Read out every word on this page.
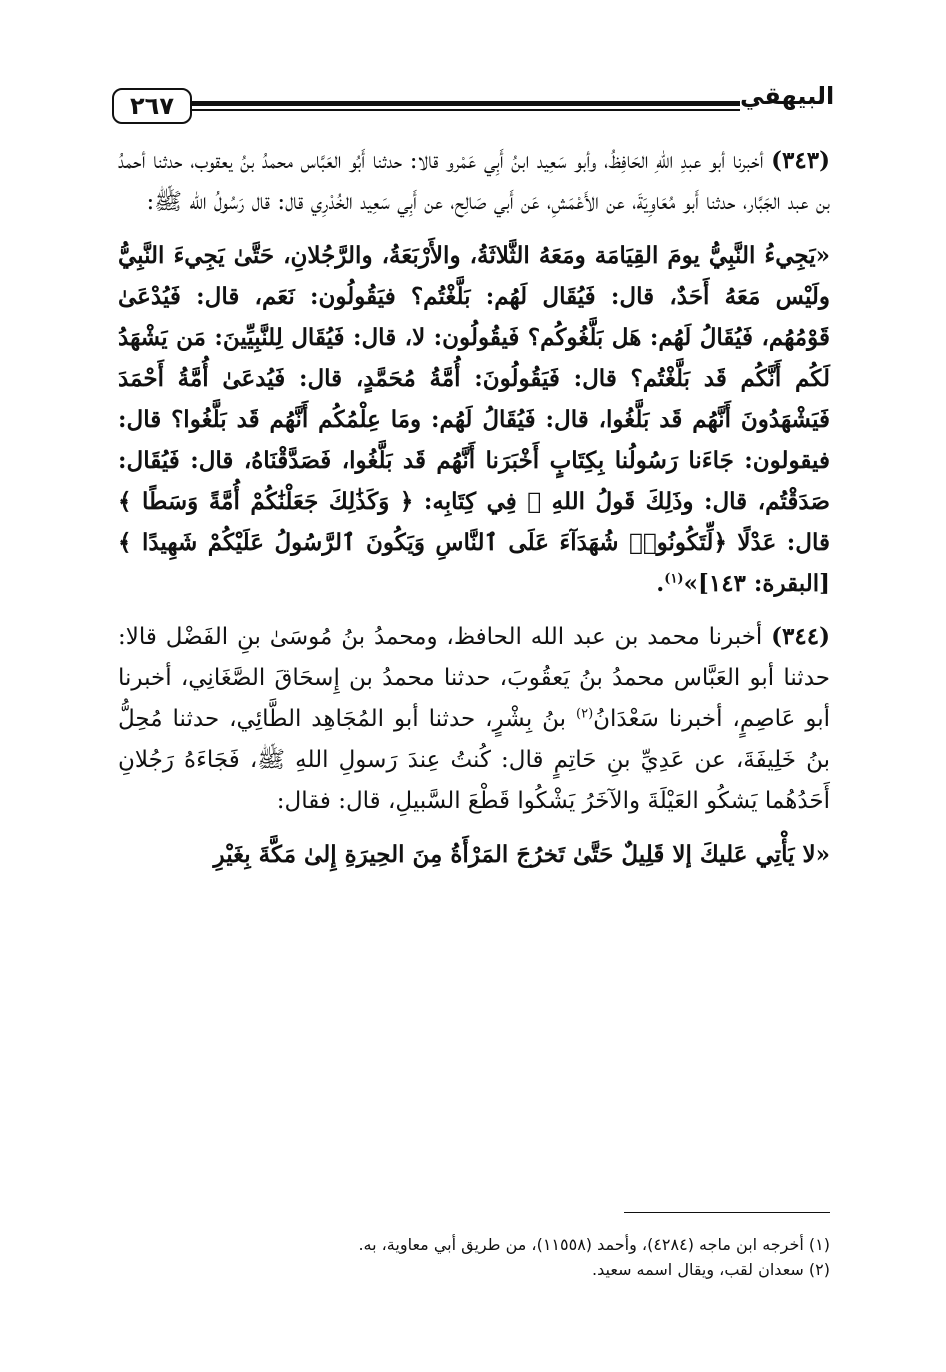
٢٦٧	البيهقي

(٣٤٣) أخبرنا أبو عبدِ اللهِ الحَافِظُ، وأبو سَعِيد ابنُ أَبِي عَمْرو قالا: حدثنا أَبُو العَبَّاس محمدُ بنُ يعقوب، حدثنا أحمدُ بن عبد الجَبَّار، حدثنا أَبو مُعَاوِيَةَ، عن الأَعْمَشِ، عَن أَبي صَالِح، عن أَبِي سَعِيد الخُدْرِي قال: قال رَسُولُ الله ﷺ:

«يَجِيءُ النَّبِيُّ يومَ القِيَامَة ومَعَهُ الثَّلاثَةُ، والأَرْبَعَةُ، والرَّجُلانِ، حَتَّىٰ يَجِيءَ النَّبِيُّ ولَيْس مَعَهُ أَحَدٌ، قال: فَيُقَال لَهُم: بَلَّغْتُم؟ فيَقُولُون: نَعَم، قال: فَيُدْعَىٰ قَوْمُهُم، فَيُقَالُ لَهُم: هَل بَلَّغُوكُم؟ فَيقُولُون: لا، قال: فَيُقَال لِلنَّبِيِّينَ: مَن يَشْهَدُ لَكُم أَنَّكُم قَد بَلَّغْتُم؟ قال: فَيَقُولُونَ: أُمَّةُ مُحَمَّدٍ، قال: فَيُدعَىٰ أُمَّةُ أَحْمَدَ فَيَشْهَدُونَ أَنَّهُم قَد بَلَّغُوا، قال: فَيُقَالُ لَهُم: ومَا عِلْمُكُم أَنَّهُم قَد بَلَّغُوا؟ قال: فيقولون: جَاءَنا رَسُولُنا بِكِتَابٍ أَخْبَرَنا أَنَّهُم قَد بَلَّغُوا، فَصَدَّقْنَاهُ، قال: فَيُقَال: صَدَقْتُم، قال: وذَلِكَ قَولُ اللهِ ﷻ فِي كِتَابِه: ﴿ وَكَذَٰلِكَ جَعَلْنَٰكُمْ أُمَّةً وَسَطًا ﴾ قال: عَدْلًا ﴿لِّتَكُونُوا۟ شُهَدَآءَ عَلَى ٱلنَّاسِ وَيَكُونَ ٱلرَّسُولُ عَلَيْكُمْ شَهِيدًا ﴾ [البقرة: ١٤٣]»$^{(١)}$.

(٣٤٤) أخبرنا محمد بن عبد الله الحافظ، ومحمدُ بنُ مُوسَىٰ بنِ الفَضْل قالا: حدثنا أبو العَبَّاس محمدُ بنُ يَعقُوبَ، حدثنا محمدُ بن إِسحَاقَ الصَّغَانِي، أخبرنا أبو عَاصِمٍ، أخبرنا سَعْدَانُ$^{(٢)}$ بنُ بِشْرٍ، حدثنا أبو المُجَاهِد الطَّائِي، حدثنا مُحِلُّ بنُ خَلِيفَةَ، عن عَدِيِّ بنِ حَاتِمٍ قال: كُنتُ عِندَ رَسولِ اللهِ ﷺ، فَجَاءَهُ رَجُلانِ أَحَدُهُما يَشكُو العَيْلَةَ والآخَرُ يَشْكُوا قَطْعَ السَّبيلِ، قال: فقال:

«لا يَأْتِي عَليكَ إلا قَلِيلٌ حَتَّىٰ تَخرُجَ المَرْأَةُ مِنَ الحِيرَةِ إِلىٰ مَكَّةَ بِغَيْرِ

(١) أخرجه ابن ماجه (٤٢٨٤)، وأحمد (١١٥٥٨)، من طريق أبي معاوية، به.
(٢) سعدان لقب، ويقال اسمه سعيد.
